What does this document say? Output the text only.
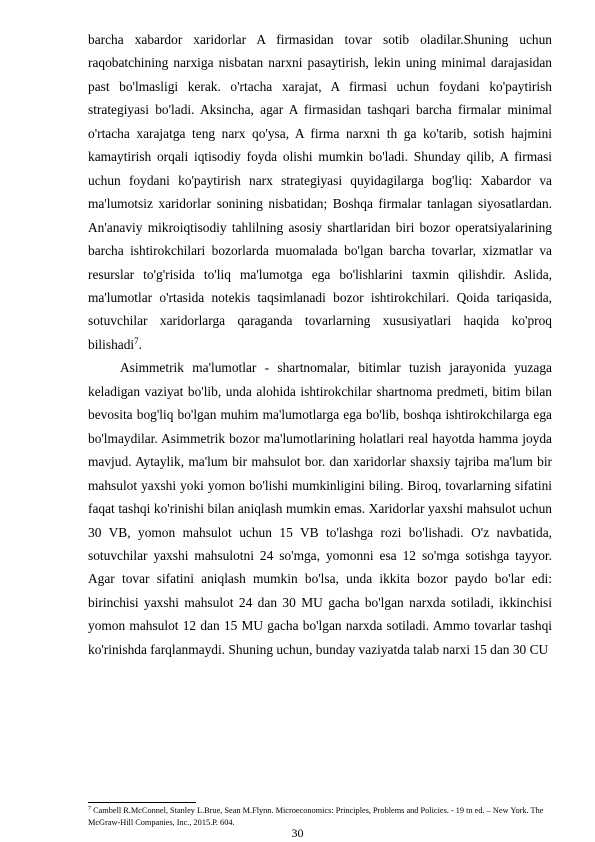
barcha xabardor xaridorlar A firmasidan tovar sotib oladilar.Shuning uchun raqobatchining narxiga nisbatan narxni pasaytirish, lekin uning minimal darajasidan past bo'lmasligi kerak. o'rtacha xarajat, A firmasi uchun foydani ko'paytirish strategiyasi bo'ladi. Aksincha, agar A firmasidan tashqari barcha firmalar minimal o'rtacha xarajatga teng narx qo'ysa, A firma narxni th ga ko'tarib, sotish hajmini kamaytirish orqali iqtisodiy foyda olishi mumkin bo'ladi. Shunday qilib, A firmasi uchun foydani ko'paytirish narx strategiyasi quyidagilarga bog'liq: Xabardor va ma'lumotsiz xaridorlar sonining nisbatidan; Boshqa firmalar tanlagan siyosatlardan. An'anaviy mikroiqtisodiy tahlilning asosiy shartlaridan biri bozor operatsiyalarining barcha ishtirokchilari bozorlarda muomalada bo'lgan barcha tovarlar, xizmatlar va resurslar to'g'risida to'liq ma'lumotga ega bo'lishlarini taxmin qilishdir. Aslida, ma'lumotlar o'rtasida notekis taqsimlanadi bozor ishtirokchilari. Qoida tariqasida, sotuvchilar xaridorlarga qaraganda tovarlarning xususiyatlari haqida ko'proq bilishadi$^7$.

Asimmetrik ma'lumotlar - shartnomalar, bitimlar tuzish jarayonida yuzaga keladigan vaziyat bo'lib, unda alohida ishtirokchilar shartnoma predmeti, bitim bilan bevosita bog'liq bo'lgan muhim ma'lumotlarga ega bo'lib, boshqa ishtirokchilarga ega bo'lmaydilar. Asimmetrik bozor ma'lumotlarining holatlari real hayotda hamma joyda mavjud. Aytaylik, ma'lum bir mahsulot bor. dan xaridorlar shaxsiy tajriba ma'lum bir mahsulot yaxshi yoki yomon bo'lishi mumkinligini biling. Biroq, tovarlarning sifatini faqat tashqi ko'rinishi bilan aniqlash mumkin emas. Xaridorlar yaxshi mahsulot uchun 30 VB, yomon mahsulot uchun 15 VB to'lashga rozi bo'lishadi. O'z navbatida, sotuvchilar yaxshi mahsulotni 24 so'mga, yomonni esa 12 so'mga sotishga tayyor. Agar tovar sifatini aniqlash mumkin bo'lsa, unda ikkita bozor paydo bo'lar edi: birinchisi yaxshi mahsulot 24 dan 30 MU gacha bo'lgan narxda sotiladi, ikkinchisi yomon mahsulot 12 dan 15 MU gacha bo'lgan narxda sotiladi. Ammo tovarlar tashqi ko'rinishda farqlanmaydi. Shuning uchun, bunday vaziyatda talab narxi 15 dan 30 CU

$^7$ Cambell R.McConnel, Stanley L.Brue, Sean M.Flynn. Microeconomics: Principles, Problems and Policies. - 19 tn ed. – New York. The McGraw-Hill Companies, Inc., 2015.P. 604.
30
